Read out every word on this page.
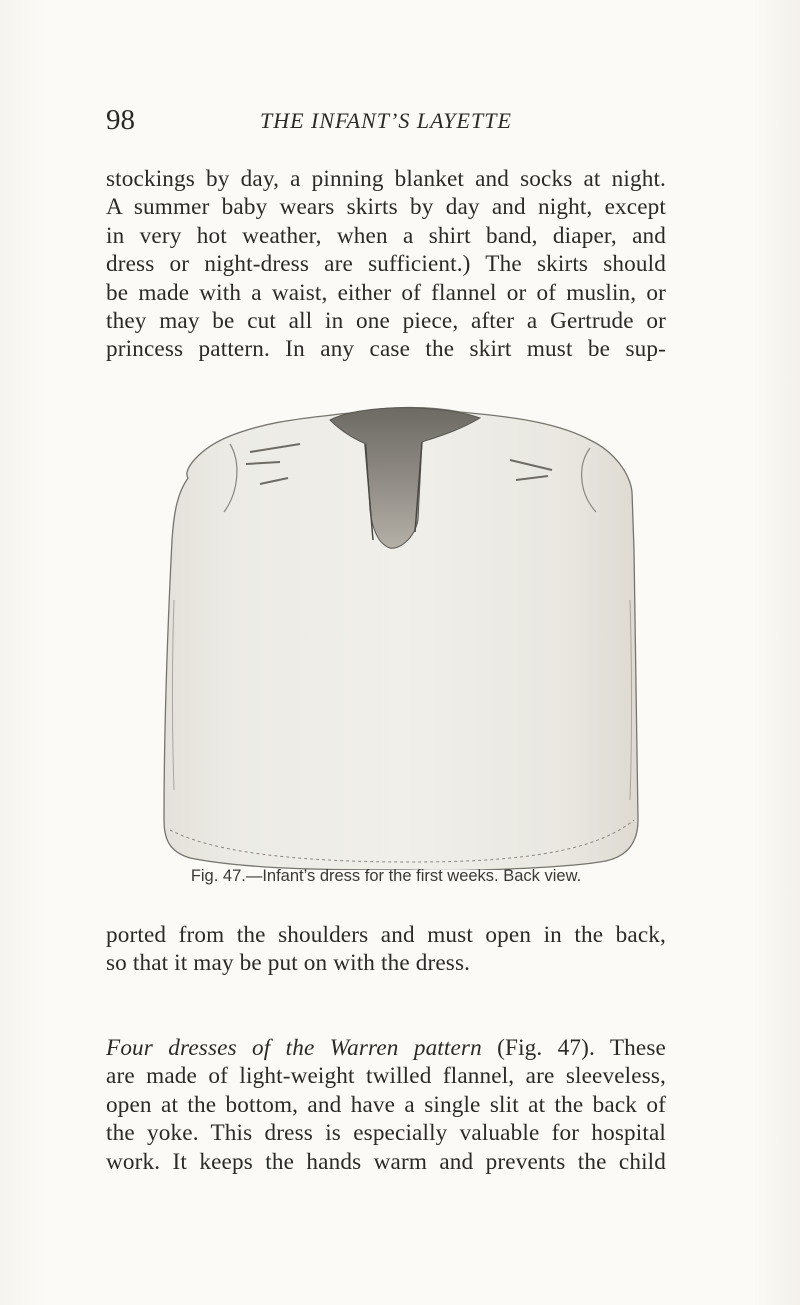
98	THE INFANT’S LAYETTE

stockings by day, a pinning blanket and socks at night.
A summer baby wears skirts by day and night, except
in very hot weather, when a shirt band, diaper, and
dress or night-dress are sufficient.) The skirts should
be made with a waist, either of flannel or of muslin, or
they may be cut all in one piece, after a Gertrude or
princess pattern. In any case the skirt must be sup-

Fig. 47.—Infant’s dress for the first weeks. Back view.

ported from the shoulders and must open in the back,
so that it may be put on with the dress.

Four dresses of the Warren pattern (Fig. 47). These
are made of light-weight twilled flannel, are sleeveless,
open at the bottom, and have a single slit at the back of
the yoke. This dress is especially valuable for hospital
work. It keeps the hands warm and prevents the child
